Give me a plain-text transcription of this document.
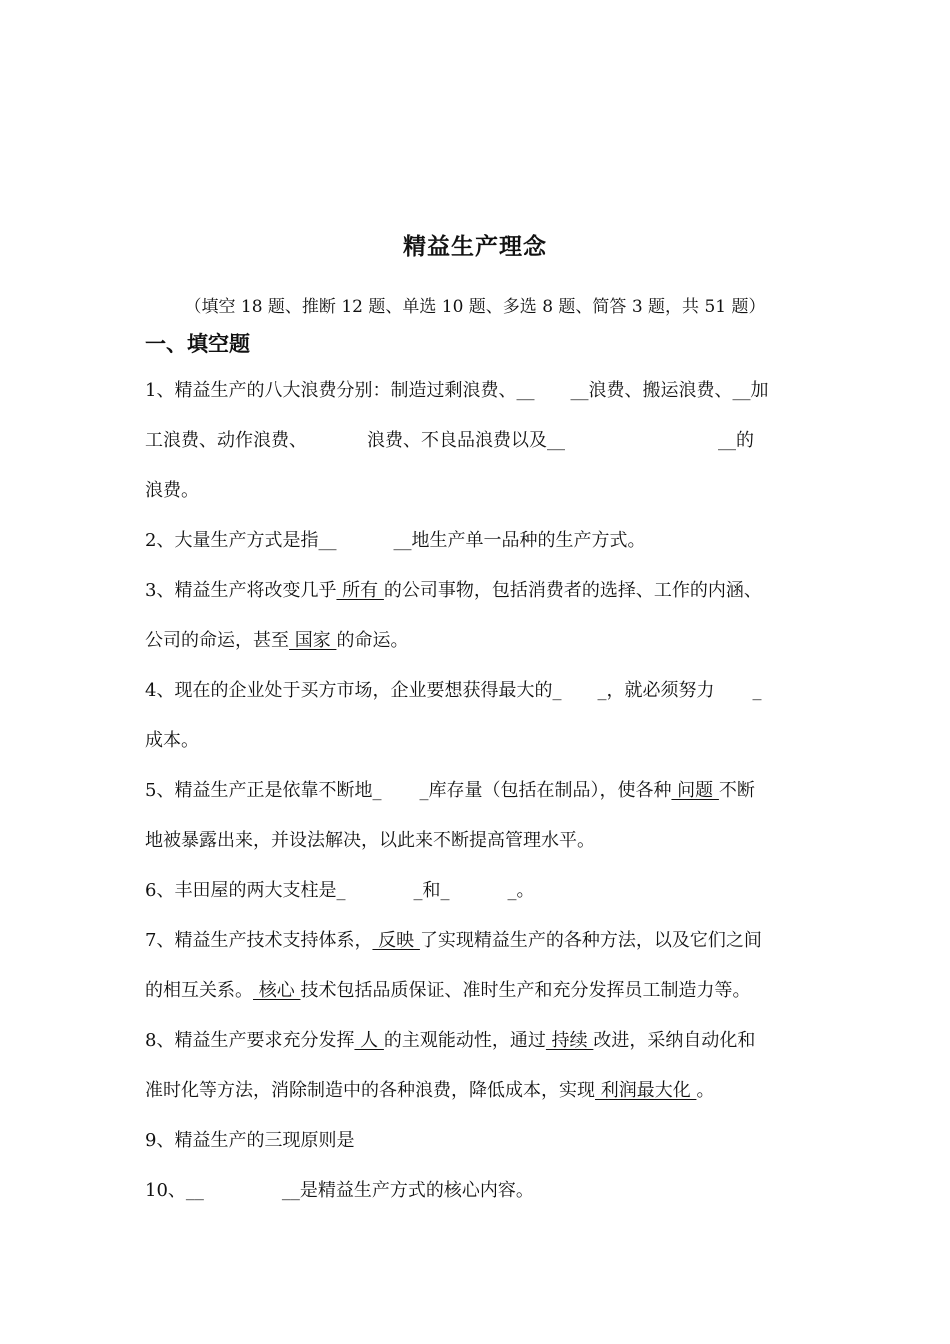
精益生产理念
（填空 18 题、推断 12 题、单选 10 题、多选 8 题、简答 3 题，共 51 题）
一、填空题
1、精益生产的八大浪费分别：制造过剩浪费、__ __浪费、搬运浪费、__加
工浪费、动作浪费、	浪费、不良品浪费以及__	__的
浪费。
2、大量生产方式是指__	__地生产单一品种的生产方式。
3、精益生产将改变几乎 所有 的公司事物，包括消费者的选择、工作的内涵、
公司的命运，甚至 国家 的命运。
4、现在的企业处于买方市场，企业要想获得最大的_ _，就必须努力 _
成本。
5、精益生产正是依靠不断地_ _库存量（包括在制品），使各种 问题 不断
地被暴露出来，并设法解决，以此来不断提高管理水平。
6、丰田屋的两大支柱是_	_和_	_。
7、精益生产技术支持体系， 反映 了实现精益生产的各种方法，以及它们之间
的相互关系。 核心 技术包括品质保证、准时生产和充分发挥员工制造力等。
8、精益生产要求充分发挥 人 的主观能动性，通过 持续 改进，采纳自动化和
准时化等方法，消除制造中的各种浪费，降低成本，实现 利润最大化 。
9、精益生产的三现原则是
10、__	__是精益生产方式的核心内容。
